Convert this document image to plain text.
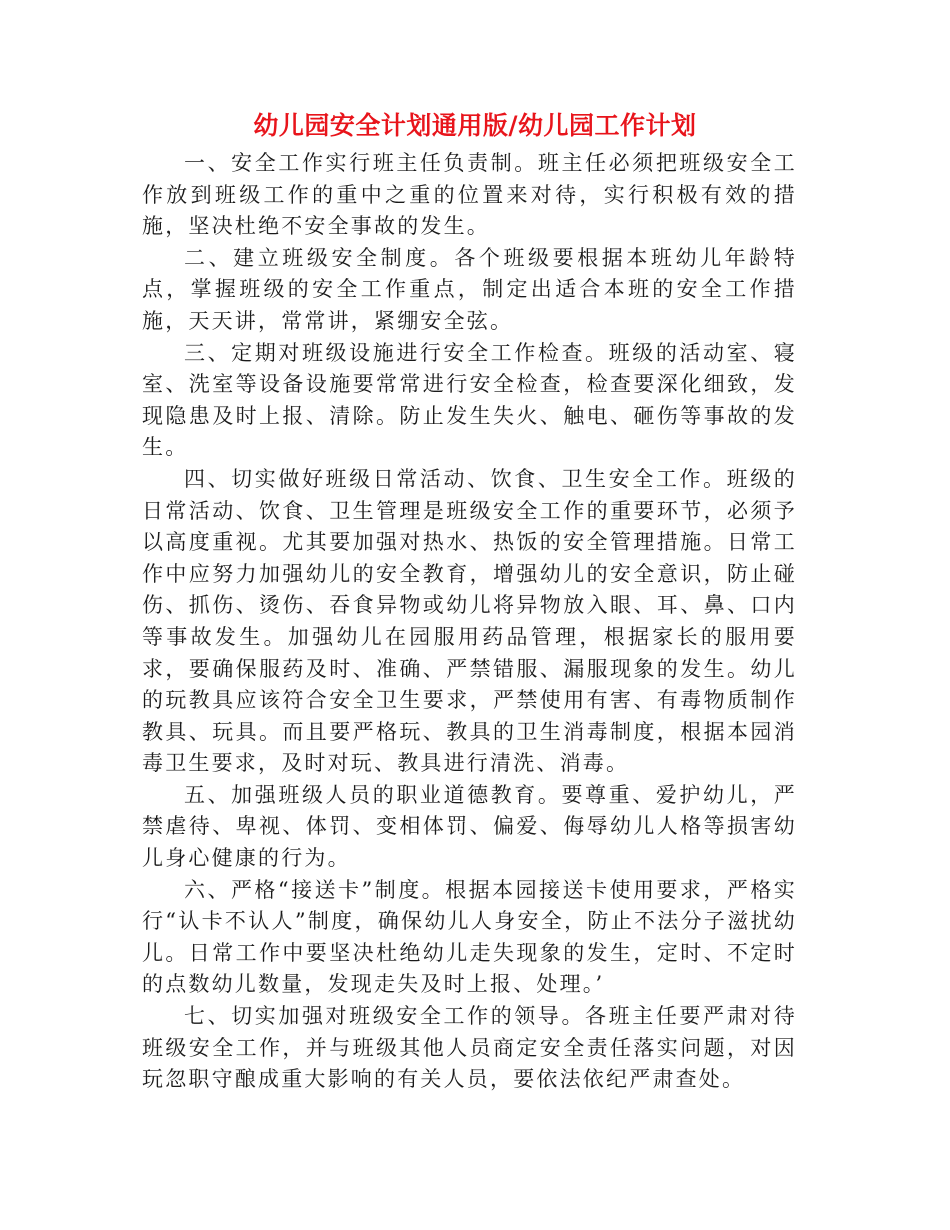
幼儿园安全计划通用版/幼儿园工作计划

一、安全工作实行班主任负责制。班主任必须把班级安全工作放到班级工作的重中之重的位置来对待，实行积极有效的措施，坚决杜绝不安全事故的发生。

二、建立班级安全制度。各个班级要根据本班幼儿年龄特点，掌握班级的安全工作重点，制定出适合本班的安全工作措施，天天讲，常常讲，紧绷安全弦。

三、定期对班级设施进行安全工作检查。班级的活动室、寝室、洗室等设备设施要常常进行安全检查，检查要深化细致，发现隐患及时上报、清除。防止发生失火、触电、砸伤等事故的发生。

四、切实做好班级日常活动、饮食、卫生安全工作。班级的日常活动、饮食、卫生管理是班级安全工作的重要环节，必须予以高度重视。尤其要加强对热水、热饭的安全管理措施。日常工作中应努力加强幼儿的安全教育，增强幼儿的安全意识，防止碰伤、抓伤、烫伤、吞食异物或幼儿将异物放入眼、耳、鼻、口内等事故发生。加强幼儿在园服用药品管理，根据家长的服用要求，要确保服药及时、准确、严禁错服、漏服现象的发生。幼儿的玩教具应该符合安全卫生要求，严禁使用有害、有毒物质制作教具、玩具。而且要严格玩、教具的卫生消毒制度，根据本园消毒卫生要求，及时对玩、教具进行清洗、消毒。

五、加强班级人员的职业道德教育。要尊重、爱护幼儿，严禁虐待、卑视、体罚、变相体罚、偏爱、侮辱幼儿人格等损害幼儿身心健康的行为。

六、严格“接送卡”制度。根据本园接送卡使用要求，严格实行“认卡不认人”制度，确保幼儿人身安全，防止不法分子滋扰幼儿。日常工作中要坚决杜绝幼儿走失现象的发生，定时、不定时的点数幼儿数量，发现走失及时上报、处理。’

七、切实加强对班级安全工作的领导。各班主任要严肃对待班级安全工作，并与班级其他人员商定安全责任落实问题，对因玩忽职守酿成重大影响的有关人员，要依法依纪严肃查处。
